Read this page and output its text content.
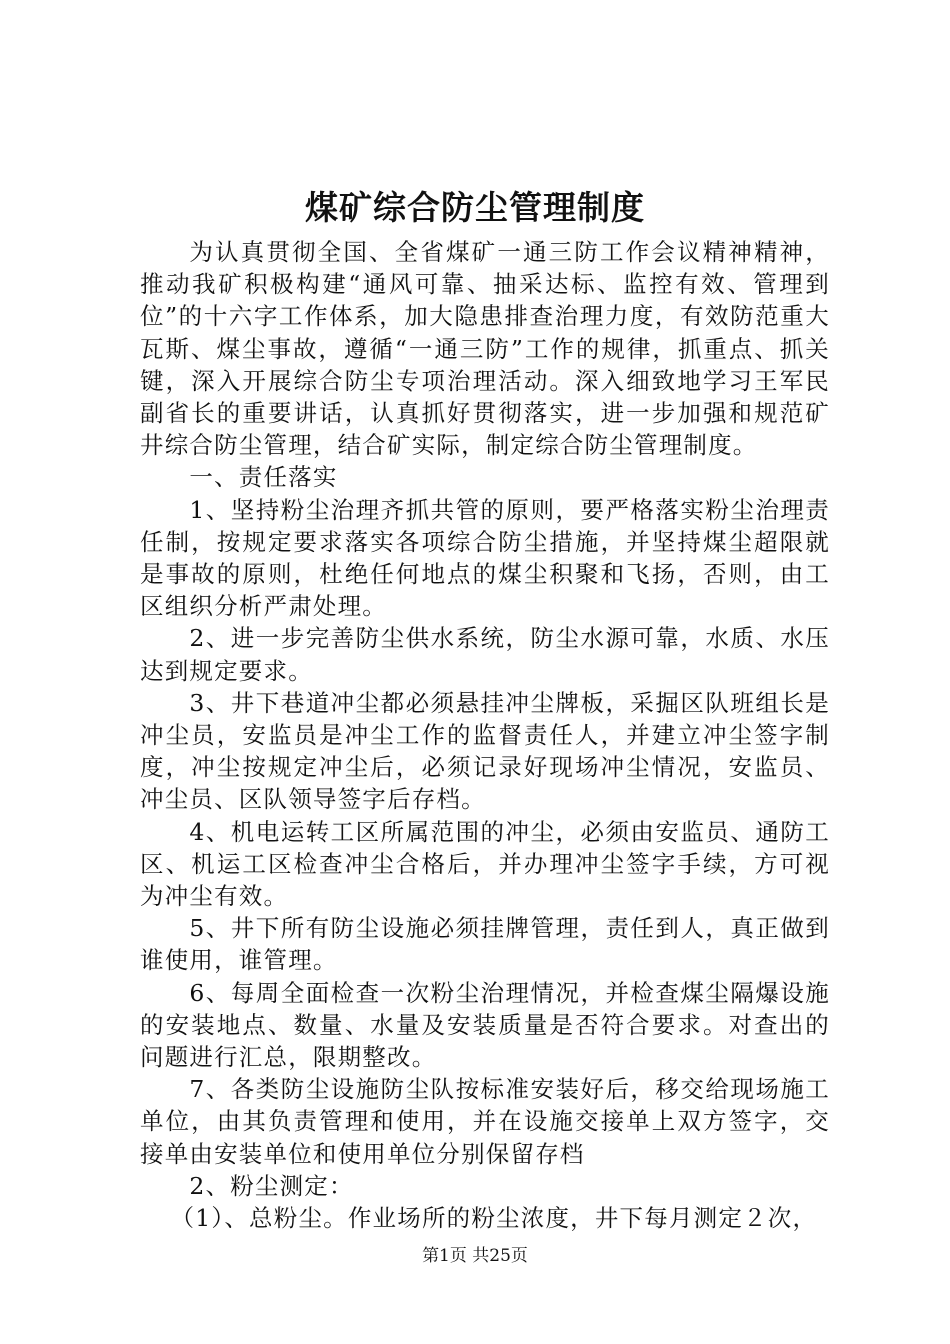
煤矿综合防尘管理制度

为认真贯彻全国、全省煤矿一通三防工作会议精神精神，推动我矿积极构建“通风可靠、抽采达标、监控有效、管理到位”的十六字工作体系，加大隐患排查治理力度，有效防范重大瓦斯、煤尘事故，遵循“一通三防”工作的规律，抓重点、抓关键，深入开展综合防尘专项治理活动。深入细致地学习王军民副省长的重要讲话，认真抓好贯彻落实，进一步加强和规范矿井综合防尘管理，结合矿实际，制定综合防尘管理制度。

一、责任落实

1、坚持粉尘治理齐抓共管的原则，要严格落实粉尘治理责任制，按规定要求落实各项综合防尘措施，并坚持煤尘超限就是事故的原则，杜绝任何地点的煤尘积聚和飞扬，否则，由工区组织分析严肃处理。

2、进一步完善防尘供水系统，防尘水源可靠，水质、水压达到规定要求。

3、井下巷道冲尘都必须悬挂冲尘牌板，采掘区队班组长是冲尘员，安监员是冲尘工作的监督责任人，并建立冲尘签字制度，冲尘按规定冲尘后，必须记录好现场冲尘情况，安监员、冲尘员、区队领导签字后存档。

4、机电运转工区所属范围的冲尘，必须由安监员、通防工区、机运工区检查冲尘合格后，并办理冲尘签字手续，方可视为冲尘有效。

5、井下所有防尘设施必须挂牌管理，责任到人，真正做到谁使用，谁管理。

6、每周全面检查一次粉尘治理情况，并检查煤尘隔爆设施的安装地点、数量、水量及安装质量是否符合要求。对查出的问题进行汇总，限期整改。

7、各类防尘设施防尘队按标准安装好后，移交给现场施工单位，由其负责管理和使用，并在设施交接单上双方签字，交接单由安装单位和使用单位分别保留存档

2、粉尘测定：

（1）、总粉尘。作业场所的粉尘浓度，井下每月测定２次，

第1页 共25页
